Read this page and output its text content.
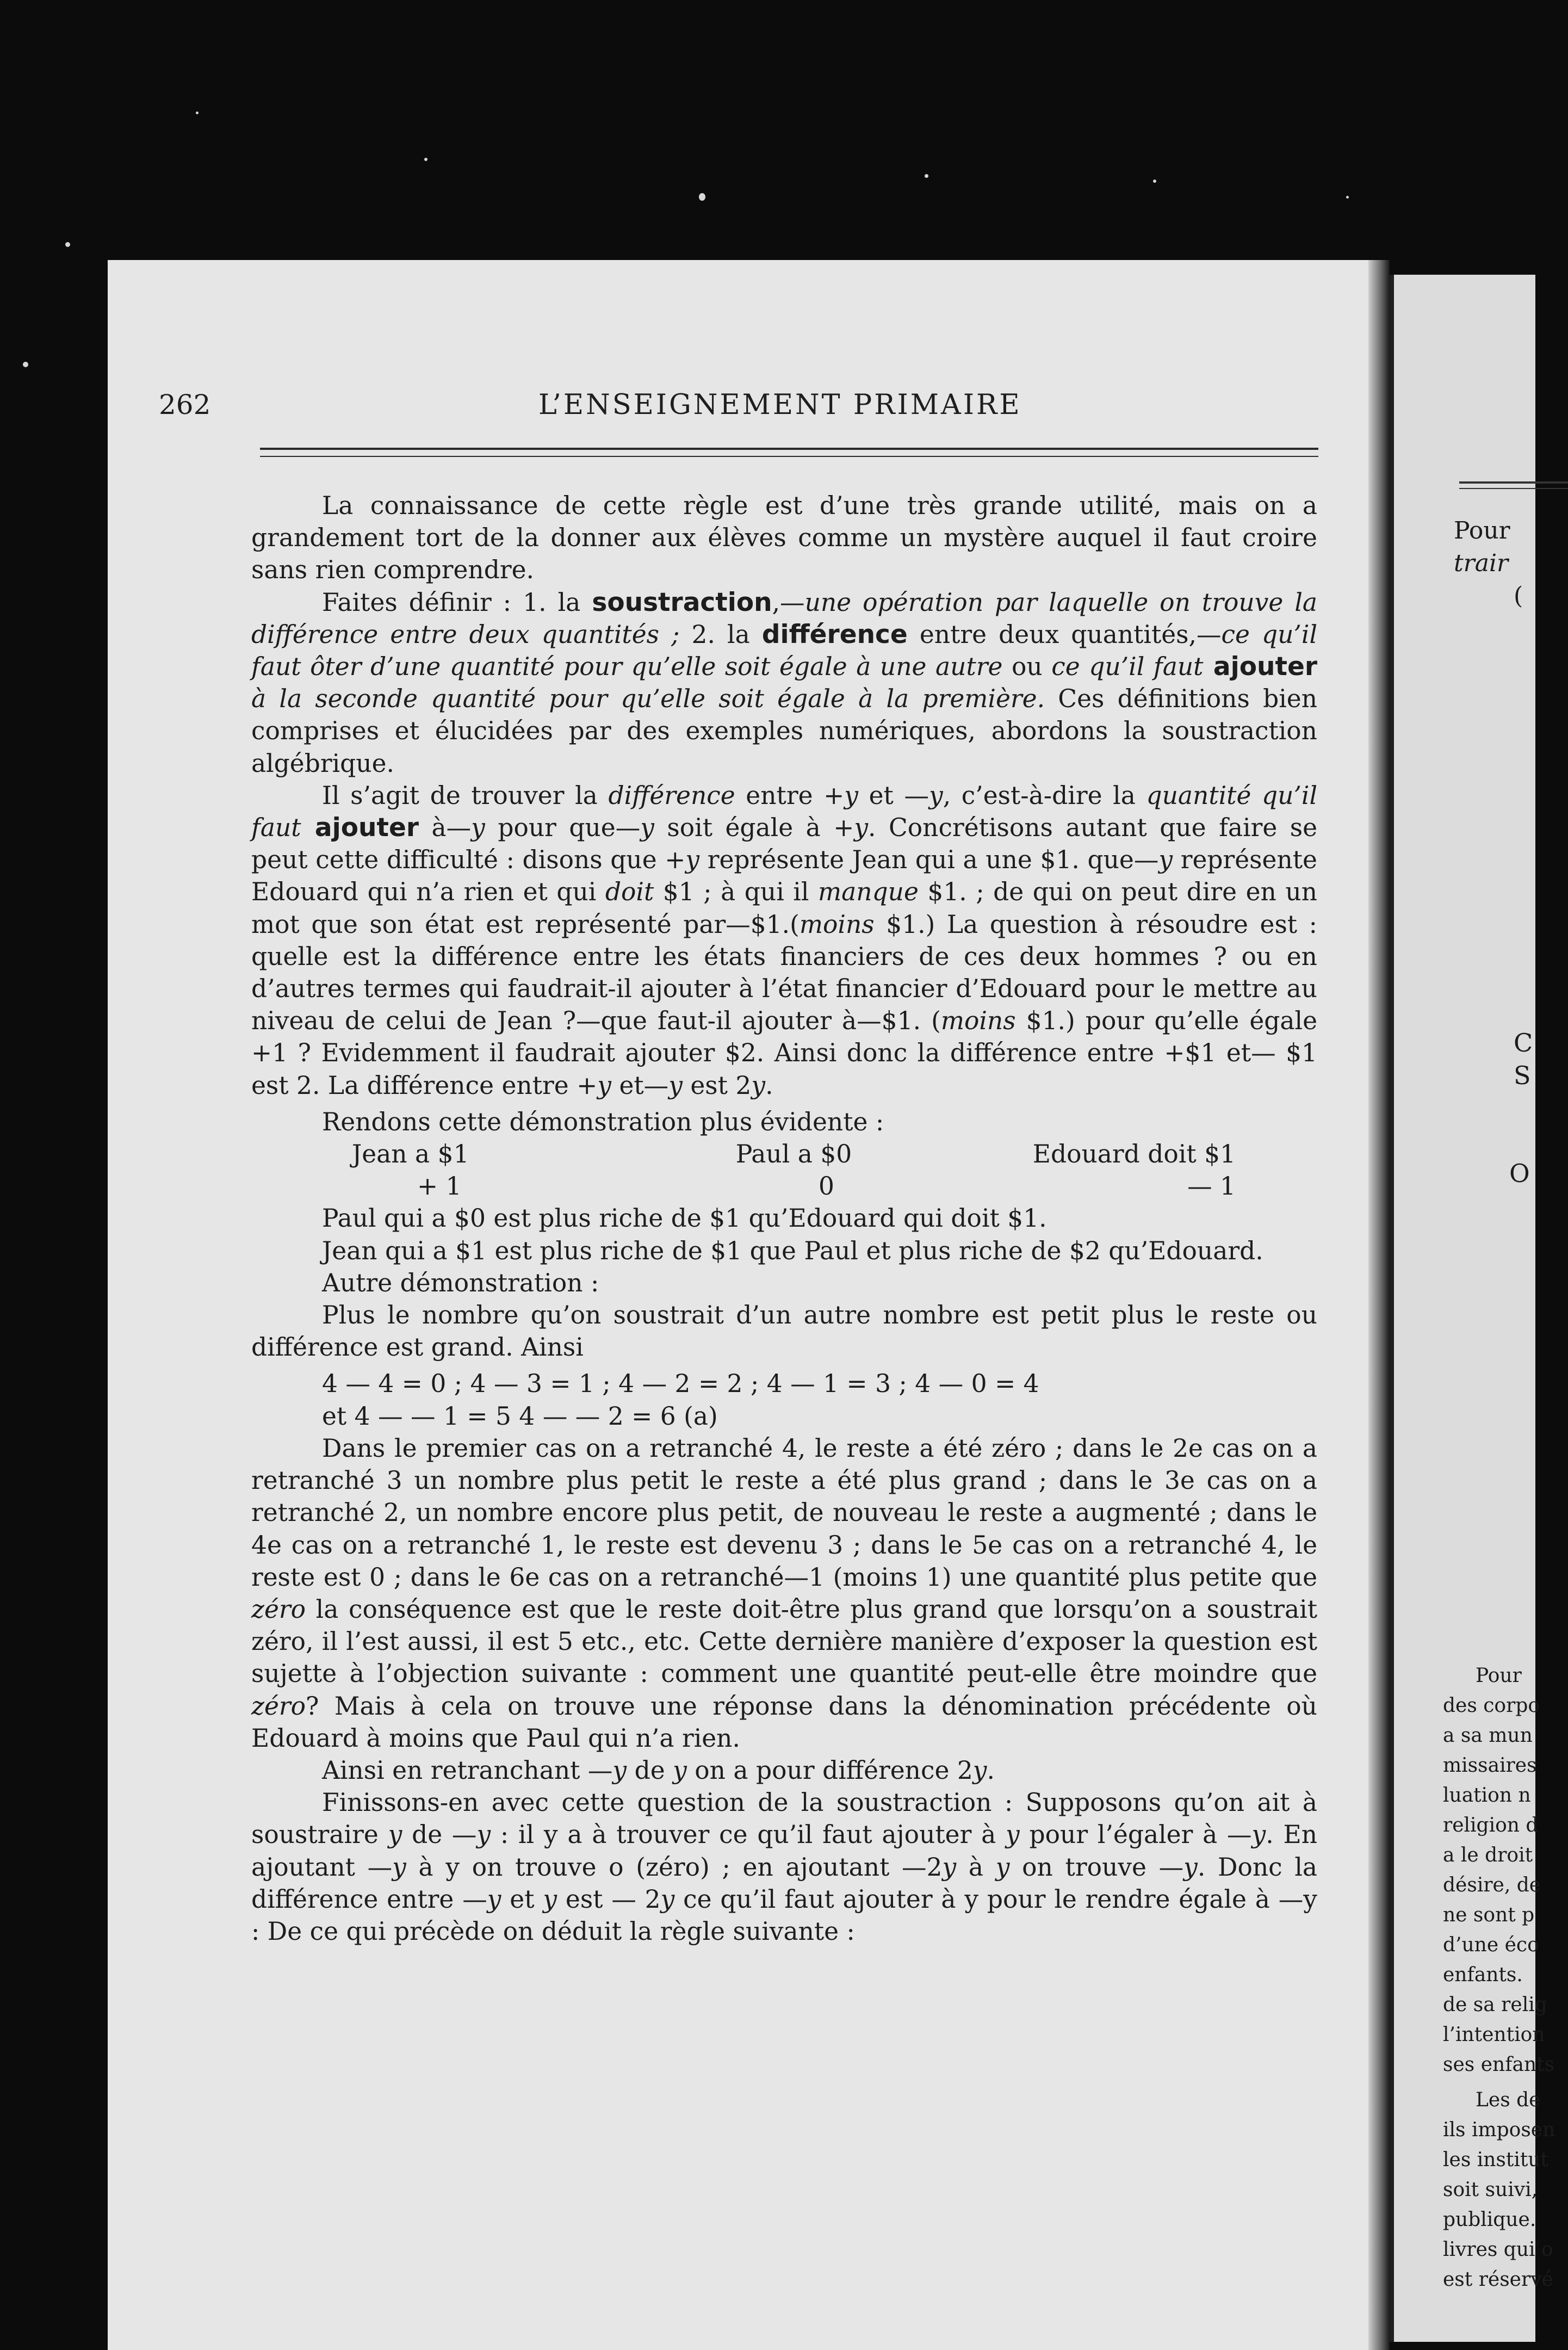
Pour
trair
(
C
S
O
Pour
des corpo
a sa mun
missaires
luation n
religion d
a le droit
désire, de
ne sont p
d’une éco
enfants.
de sa relig
l’intention
ses enfants
Les de
ils imposen
les institut
soit suivi,
publique.
livres qui o
est réservé
262	L’ENSEIGNEMENT PRIMAIRE

La connaissance de cette règle est d’une très grande utilité, mais on a grandement tort de la donner aux élèves comme un mystère auquel il faut croire sans rien comprendre.

Faites définir : 1. la soustraction,—une opération par laquelle on trouve la différence entre deux quantités ; 2. la différence entre deux quantités,—ce qu’il faut ôter d’une quantité pour qu’elle soit égale à une autre ou ce qu’il faut ajouter à la seconde quantité pour qu’elle soit égale à la première. Ces définitions bien comprises et élucidées par des exemples numériques, abordons la soustraction algébrique.

Il s’agit de trouver la différence entre +y et —y, c’est-à-dire la quantité qu’il faut ajouter à—y pour que—y soit égale à +y. Concrétisons autant que faire se peut cette difficulté : disons que +y représente Jean qui a une $1. que—y représente Edouard qui n’a rien et qui doit $1 ; à qui il manque $1. ; de qui on peut dire en un mot que son état est représenté par—$1.(moins $1.) La question à résoudre est : quelle est la différence entre les états financiers de ces deux hommes ? ou en d’autres termes qui faudrait-il ajouter à l’état financier d’Edouard pour le mettre au niveau de celui de Jean ?—que faut-il ajouter à—$1. (moins $1.) pour qu’elle égale +1 ? Evidemment il faudrait ajouter $2. Ainsi donc la différence entre +$1 et— $1 est 2. La différence entre +y et—y est 2y.

Rendons cette démonstration plus évidente :

Jean a $1	Paul a $0	Edouard doit $1
+ 1	0	— 1

Paul qui a $0 est plus riche de $1 qu’Edouard qui doit $1.

Jean qui a $1 est plus riche de $1 que Paul et plus riche de $2 qu’Edouard.

Autre démonstration :

Plus le nombre qu’on soustrait d’un autre nombre est petit plus le reste ou différence est grand. Ainsi

4 — 4 = 0 ; 4 — 3 = 1 ; 4 — 2 = 2 ; 4 — 1 = 3 ; 4 — 0 = 4
et 4 — — 1 = 5 4 — — 2 = 6 (a)

Dans le premier cas on a retranché 4, le reste a été zéro ; dans le 2e cas on a retranché 3 un nombre plus petit le reste a été plus grand ; dans le 3e cas on a retranché 2, un nombre encore plus petit, de nouveau le reste a augmenté ; dans le 4e cas on a retranché 1, le reste est devenu 3 ; dans le 5e cas on a retranché 4, le reste est 0 ; dans le 6e cas on a retranché—1 (moins 1) une quantité plus petite que zéro la conséquence est que le reste doit-être plus grand que lorsqu’on a soustrait zéro, il l’est aussi, il est 5 etc., etc. Cette dernière manière d’exposer la question est sujette à l’objection suivante : comment une quantité peut-elle être moindre que zéro? Mais à cela on trouve une réponse dans la dénomination précédente où Edouard à moins que Paul qui n’a rien.

Ainsi en retranchant —y de y on a pour différence 2y.

Finissons-en avec cette question de la soustraction : Supposons qu’on ait à soustraire y de —y : il y a à trouver ce qu’il faut ajouter à y pour l’égaler à —y. En ajoutant —y à y on trouve o (zéro) ; en ajoutant —2y à y on trouve —y. Donc la différence entre —y et y est — 2y ce qu’il faut ajouter à y pour le rendre égale à —y : De ce qui précède on déduit la règle suivante :
